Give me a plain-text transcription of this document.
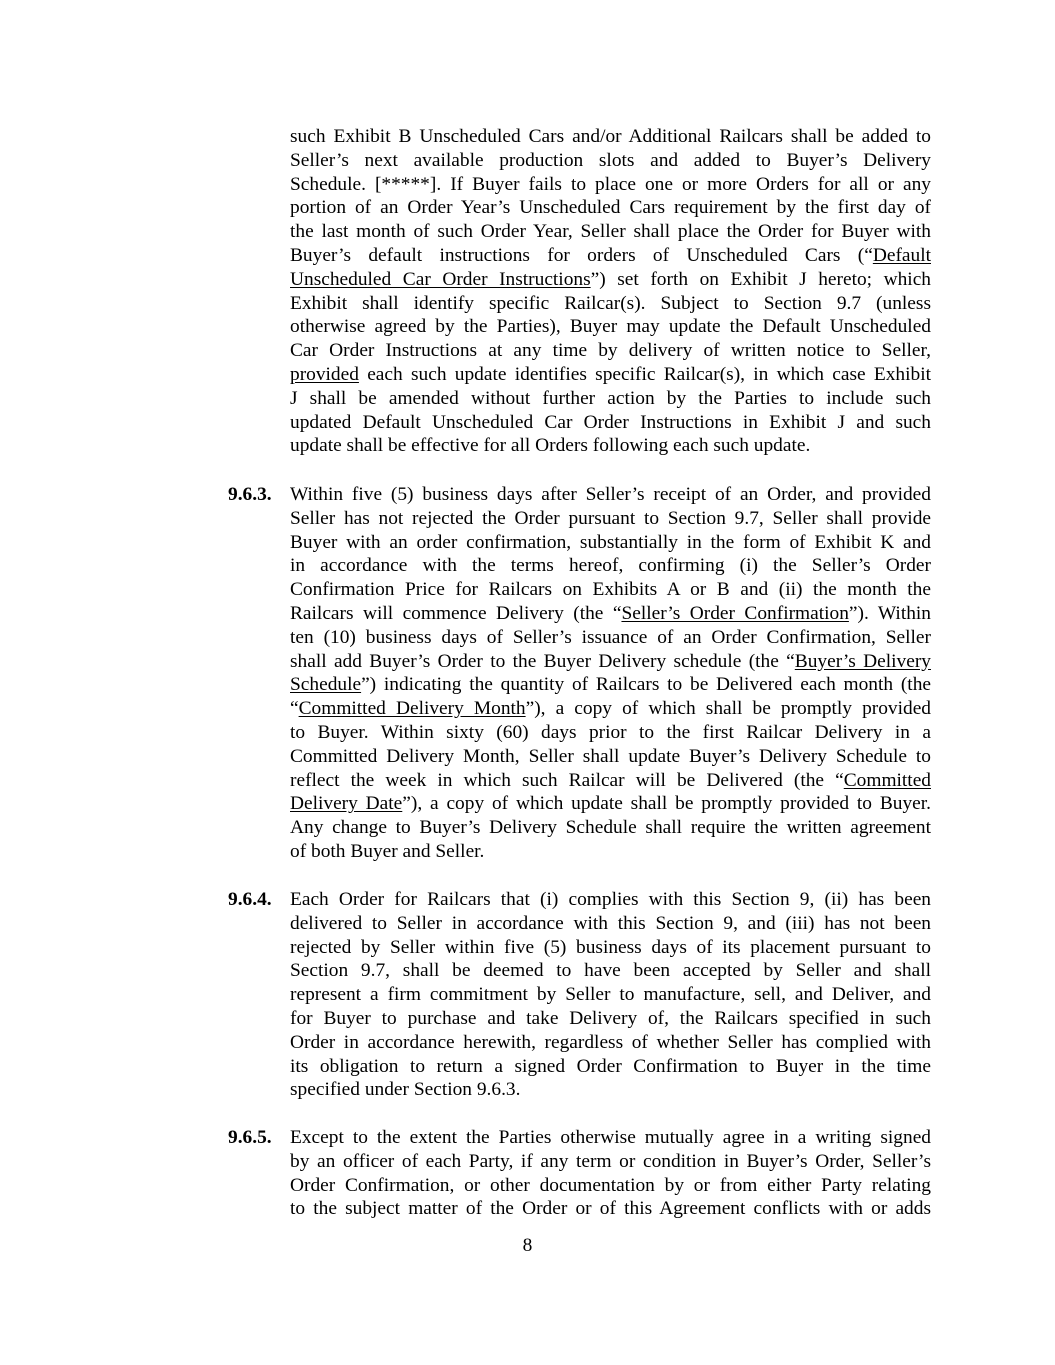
such Exhibit B Unscheduled Cars and/or Additional Railcars shall be added to
Seller’s next available production slots and added to Buyer’s Delivery
Schedule. [*****]. If Buyer fails to place one or more Orders for all or any
portion of an Order Year’s Unscheduled Cars requirement by the first day of
the last month of such Order Year, Seller shall place the Order for Buyer with
Buyer’s default instructions for orders of Unscheduled Cars (“Default
Unscheduled Car Order Instructions”) set forth on Exhibit J hereto; which
Exhibit shall identify specific Railcar(s). Subject to Section 9.7 (unless
otherwise agreed by the Parties), Buyer may update the Default Unscheduled
Car Order Instructions at any time by delivery of written notice to Seller,
provided each such update identifies specific Railcar(s), in which case Exhibit
J shall be amended without further action by the Parties to include such
updated Default Unscheduled Car Order Instructions in Exhibit J and such
update shall be effective for all Orders following each such update.
9.6.3. Within five (5) business days after Seller’s receipt of an Order, and provided
Seller has not rejected the Order pursuant to Section 9.7, Seller shall provide
Buyer with an order confirmation, substantially in the form of Exhibit K and
in accordance with the terms hereof, confirming (i) the Seller’s Order
Confirmation Price for Railcars on Exhibits A or B and (ii) the month the
Railcars will commence Delivery (the “Seller’s Order Confirmation”). Within
ten (10) business days of Seller’s issuance of an Order Confirmation, Seller
shall add Buyer’s Order to the Buyer Delivery schedule (the “Buyer’s Delivery
Schedule”) indicating the quantity of Railcars to be Delivered each month (the
“Committed Delivery Month”), a copy of which shall be promptly provided
to Buyer. Within sixty (60) days prior to the first Railcar Delivery in a
Committed Delivery Month, Seller shall update Buyer’s Delivery Schedule to
reflect the week in which such Railcar will be Delivered (the “Committed
Delivery Date”), a copy of which update shall be promptly provided to Buyer.
Any change to Buyer’s Delivery Schedule shall require the written agreement
of both Buyer and Seller.
9.6.4. Each Order for Railcars that (i) complies with this Section 9, (ii) has been
delivered to Seller in accordance with this Section 9, and (iii) has not been
rejected by Seller within five (5) business days of its placement pursuant to
Section 9.7, shall be deemed to have been accepted by Seller and shall
represent a firm commitment by Seller to manufacture, sell, and Deliver, and
for Buyer to purchase and take Delivery of, the Railcars specified in such
Order in accordance herewith, regardless of whether Seller has complied with
its obligation to return a signed Order Confirmation to Buyer in the time
specified under Section 9.6.3.
9.6.5. Except to the extent the Parties otherwise mutually agree in a writing signed
by an officer of each Party, if any term or condition in Buyer’s Order, Seller’s
Order Confirmation, or other documentation by or from either Party relating
to the subject matter of the Order or of this Agreement conflicts with or adds
8
